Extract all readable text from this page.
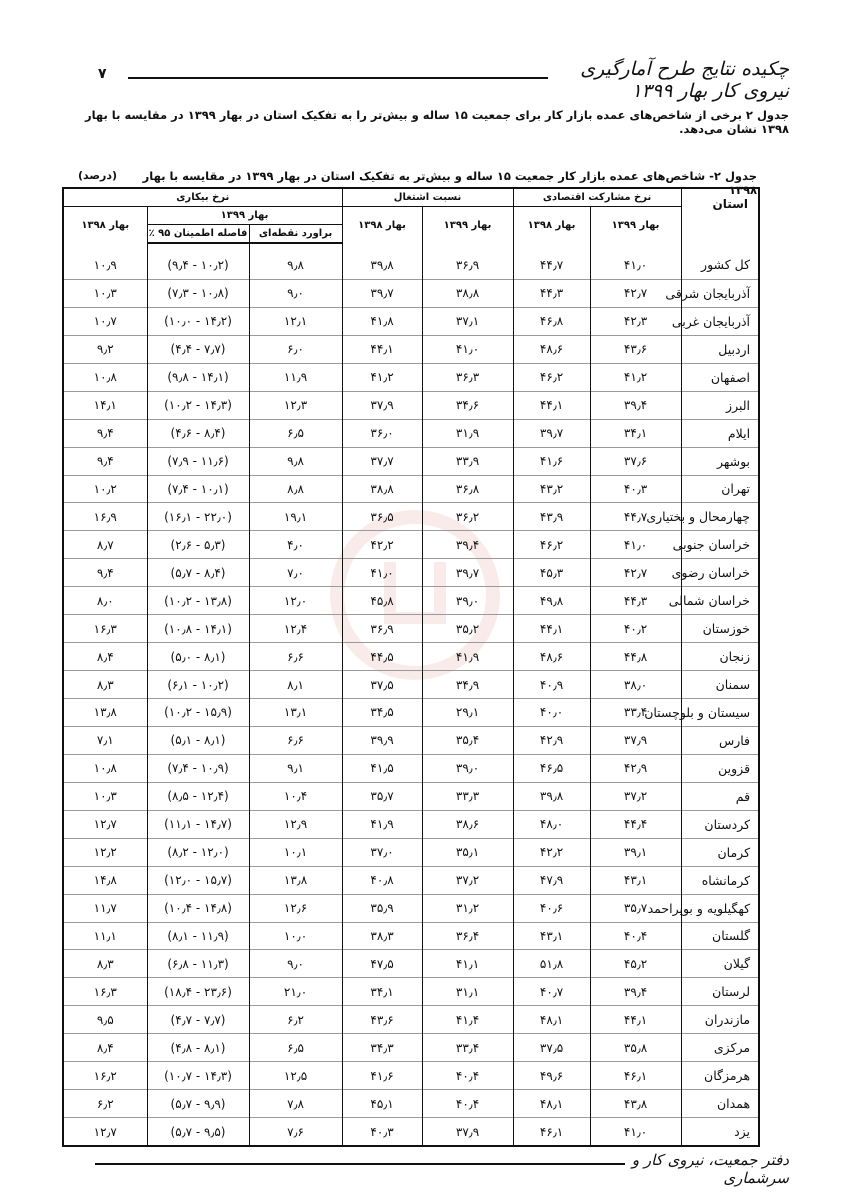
چکیده نتایج طرح آمارگیری نیروی کار بهار ۱۳۹۹
۷
جدول ۲ برخی از شاخص‌های عمده بازار کار برای جمعیت ۱۵ ساله و بیش‌تر را به تفکیک استان در بهار ۱۳۹۹ در مقایسه با بهار ۱۳۹۸ نشان می‌دهد.
جدول ۲- شاخص‌های عمده بازار کار جمعیت ۱۵ ساله و بیش‌تر به تفکیک استان در بهار ۱۳۹۹ در مقایسه با بهار ۱۳۹۸
(درصد)
استان	نرخ مشارکت اقتصادی		نسبت اشتغال		نرخ بیکاری		
	بهار ۱۳۹۹	بهار ۱۳۹۸	بهار ۱۳۹۹	بهار ۱۳۹۸	بهار ۱۳۹۹		بهار ۱۳۹۸
					براورد نقطه‌ای	فاصله اطمینان ۹۵ ٪	
کل کشور	۴۱٫۰	۴۴٫۷	۳۶٫۹	۳۹٫۸	۹٫۸	(۹٫۴ - ۱۰٫۲)	۱۰٫۹
آذربایجان شرقی	۴۲٫۷	۴۴٫۳	۳۸٫۸	۳۹٫۷	۹٫۰	(۷٫۳ - ۱۰٫۸)	۱۰٫۳
آذربایجان غربی	۴۲٫۳	۴۶٫۸	۳۷٫۱	۴۱٫۸	۱۲٫۱	(۱۰٫۰ - ۱۴٫۲)	۱۰٫۷
اردبیل	۴۳٫۶	۴۸٫۶	۴۱٫۰	۴۴٫۱	۶٫۰	(۴٫۴ - ۷٫۷)	۹٫۲
اصفهان	۴۱٫۲	۴۶٫۲	۳۶٫۳	۴۱٫۲	۱۱٫۹	(۹٫۸ - ۱۴٫۱)	۱۰٫۸
البرز	۳۹٫۴	۴۴٫۱	۳۴٫۶	۳۷٫۹	۱۲٫۳	(۱۰٫۲ - ۱۴٫۳)	۱۴٫۱
ایلام	۳۴٫۱	۳۹٫۷	۳۱٫۹	۳۶٫۰	۶٫۵	(۴٫۶ - ۸٫۴)	۹٫۴
بوشهر	۳۷٫۶	۴۱٫۶	۳۳٫۹	۳۷٫۷	۹٫۸	(۷٫۹ - ۱۱٫۶)	۹٫۴
تهران	۴۰٫۳	۴۳٫۲	۳۶٫۸	۳۸٫۸	۸٫۸	(۷٫۴ - ۱۰٫۱)	۱۰٫۲
چهارمحال و بختیاری	۴۴٫۷	۴۳٫۹	۳۶٫۲	۳۶٫۵	۱۹٫۱	(۱۶٫۱ - ۲۲٫۰)	۱۶٫۹
خراسان جنوبی	۴۱٫۰	۴۶٫۲	۳۹٫۴	۴۲٫۲	۴٫۰	(۲٫۶ - ۵٫۳)	۸٫۷
خراسان رضوی	۴۲٫۷	۴۵٫۳	۳۹٫۷	۴۱٫۰	۷٫۰	(۵٫۷ - ۸٫۴)	۹٫۴
خراسان شمالی	۴۴٫۳	۴۹٫۸	۳۹٫۰	۴۵٫۸	۱۲٫۰	(۱۰٫۲ - ۱۳٫۸)	۸٫۰
خوزستان	۴۰٫۲	۴۴٫۱	۳۵٫۲	۳۶٫۹	۱۲٫۴	(۱۰٫۸ - ۱۴٫۱)	۱۶٫۳
زنجان	۴۴٫۸	۴۸٫۶	۴۱٫۹	۴۴٫۵	۶٫۶	(۵٫۰ - ۸٫۱)	۸٫۴
سمنان	۳۸٫۰	۴۰٫۹	۳۴٫۹	۳۷٫۵	۸٫۱	(۶٫۱ - ۱۰٫۲)	۸٫۳
سیستان و بلوچستان	۳۳٫۴	۴۰٫۰	۲۹٫۱	۳۴٫۵	۱۳٫۱	(۱۰٫۲ - ۱۵٫۹)	۱۳٫۸
فارس	۳۷٫۹	۴۲٫۹	۳۵٫۴	۳۹٫۹	۶٫۶	(۵٫۱ - ۸٫۱)	۷٫۱
قزوین	۴۲٫۹	۴۶٫۵	۳۹٫۰	۴۱٫۵	۹٫۱	(۷٫۴ - ۱۰٫۹)	۱۰٫۸
قم	۳۷٫۲	۳۹٫۸	۳۳٫۳	۳۵٫۷	۱۰٫۴	(۸٫۵ - ۱۲٫۴)	۱۰٫۳
کردستان	۴۴٫۴	۴۸٫۰	۳۸٫۶	۴۱٫۹	۱۲٫۹	(۱۱٫۱ - ۱۴٫۷)	۱۲٫۷
کرمان	۳۹٫۱	۴۲٫۲	۳۵٫۱	۳۷٫۰	۱۰٫۱	(۸٫۲ - ۱۲٫۰)	۱۲٫۲
کرمانشاه	۴۳٫۱	۴۷٫۹	۳۷٫۲	۴۰٫۸	۱۳٫۸	(۱۲٫۰ - ۱۵٫۷)	۱۴٫۸
کهگیلویه و بویراحمد	۳۵٫۷	۴۰٫۶	۳۱٫۲	۳۵٫۹	۱۲٫۶	(۱۰٫۴ - ۱۴٫۸)	۱۱٫۷
گلستان	۴۰٫۴	۴۳٫۱	۳۶٫۴	۳۸٫۳	۱۰٫۰	(۸٫۱ - ۱۱٫۹)	۱۱٫۱
گیلان	۴۵٫۲	۵۱٫۸	۴۱٫۱	۴۷٫۵	۹٫۰	(۶٫۸ - ۱۱٫۳)	۸٫۳
لرستان	۳۹٫۴	۴۰٫۷	۳۱٫۱	۳۴٫۱	۲۱٫۰	(۱۸٫۴ - ۲۳٫۶)	۱۶٫۳
مازندران	۴۴٫۱	۴۸٫۱	۴۱٫۴	۴۳٫۶	۶٫۲	(۴٫۷ - ۷٫۷)	۹٫۵
مرکزی	۳۵٫۸	۳۷٫۵	۳۳٫۴	۳۴٫۳	۶٫۵	(۴٫۸ - ۸٫۱)	۸٫۴
هرمزگان	۴۶٫۱	۴۹٫۶	۴۰٫۴	۴۱٫۶	۱۲٫۵	(۱۰٫۷ - ۱۴٫۳)	۱۶٫۲
همدان	۴۳٫۸	۴۸٫۱	۴۰٫۴	۴۵٫۱	۷٫۸	(۵٫۷ - ۹٫۹)	۶٫۲
یزد	۴۱٫۰	۴۶٫۱	۳۷٫۹	۴۰٫۳	۷٫۶	(۵٫۷ - ۹٫۵)	۱۲٫۷
دفتر جمعیت، نیروی کار و سرشماری
